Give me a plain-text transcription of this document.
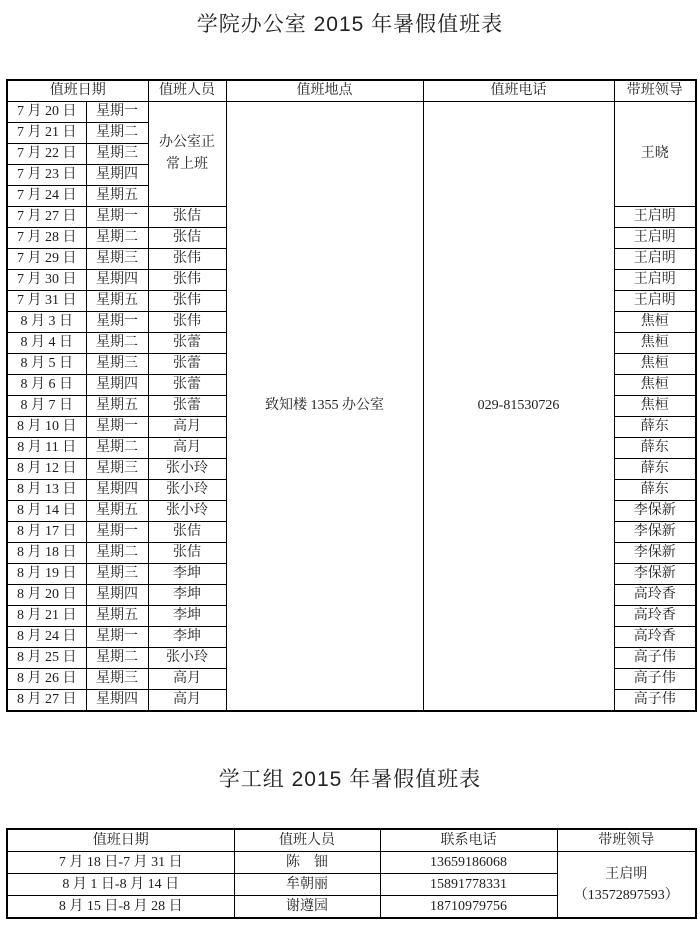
学院办公室 2015 年暑假值班表
值班日期		值班人员	值班地点	值班电话	带班领导
7 月 20 日	星期一	办公室正常上班	致知楼 1355 办公室	029-81530726	王晓
7 月 21 日	星期二				
7 月 22 日	星期三				
7 月 23 日	星期四				
7 月 24 日	星期五				
7 月 27 日	星期一	张佶			王启明
7 月 28 日	星期二	张佶			王启明
7 月 29 日	星期三	张伟			王启明
7 月 30 日	星期四	张伟			王启明
7 月 31 日	星期五	张伟			王启明
8 月 3 日	星期一	张伟			焦桓
8 月 4 日	星期二	张蕾			焦桓
8 月 5 日	星期三	张蕾			焦桓
8 月 6 日	星期四	张蕾			焦桓
8 月 7 日	星期五	张蕾			焦桓
8 月 10 日	星期一	高月			薛东
8 月 11 日	星期二	高月			薛东
8 月 12 日	星期三	张小玲			薛东
8 月 13 日	星期四	张小玲			薛东
8 月 14 日	星期五	张小玲			李保新
8 月 17 日	星期一	张佶			李保新
8 月 18 日	星期二	张佶			李保新
8 月 19 日	星期三	李坤			李保新
8 月 20 日	星期四	李坤			高玲香
8 月 21 日	星期五	李坤			高玲香
8 月 24 日	星期一	李坤			高玲香
8 月 25 日	星期二	张小玲			高子伟
8 月 26 日	星期三	高月			高子伟
8 月 27 日	星期四	高月			高子伟
学工组 2015 年暑假值班表
值班日期	值班人员	联系电话	带班领导
7 月 18 日-7 月 31 日	陈　钿	13659186068	王启明
（13572897593）

8 月 1 日-8 月 14 日	牟朝丽	15891778331	
8 月 15 日-8 月 28 日	谢遵园	18710979756	
